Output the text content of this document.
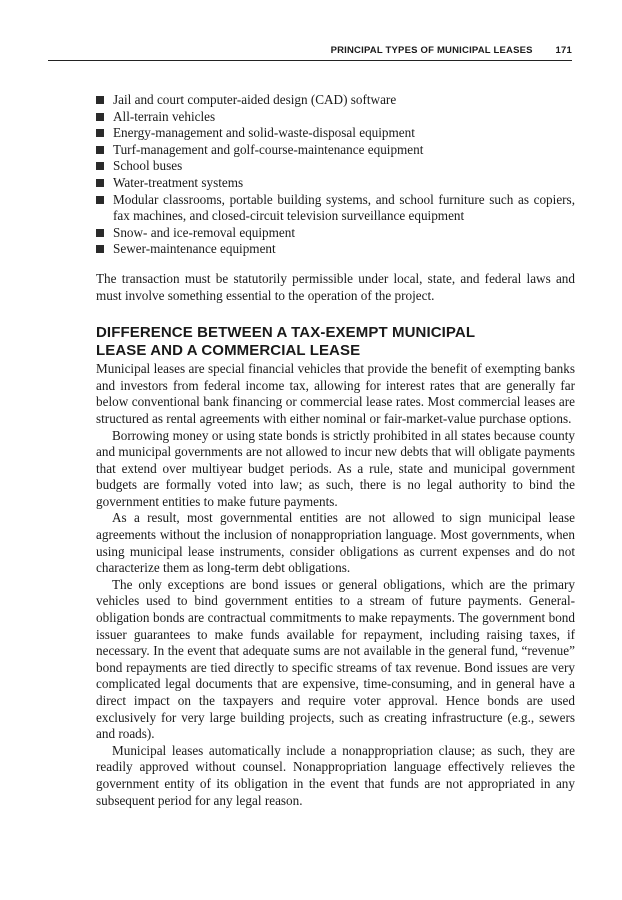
PRINCIPAL TYPES OF MUNICIPAL LEASES 171
Jail and court computer-aided design (CAD) software
All-terrain vehicles
Energy-management and solid-waste-disposal equipment
Turf-management and golf-course-maintenance equipment
School buses
Water-treatment systems
Modular classrooms, portable building systems, and school furniture such as copiers, fax machines, and closed-circuit television surveillance equipment
Snow- and ice-removal equipment
Sewer-maintenance equipment

The transaction must be statutorily permissible under local, state, and federal laws and must involve something essential to the operation of the project.

DIFFERENCE BETWEEN A TAX-EXEMPT MUNICIPAL LEASE AND A COMMERCIAL LEASE

Municipal leases are special financial vehicles that provide the benefit of exempting banks and investors from federal income tax, allowing for interest rates that are generally far below conventional bank financing or commercial lease rates. Most commercial leases are structured as rental agreements with either nominal or fair-market-value purchase options.

Borrowing money or using state bonds is strictly prohibited in all states because county and municipal governments are not allowed to incur new debts that will obligate payments that extend over multiyear budget periods. As a rule, state and municipal government budgets are formally voted into law; as such, there is no legal authority to bind the government entities to make future payments.

As a result, most governmental entities are not allowed to sign municipal lease agreements without the inclusion of nonappropriation language. Most governments, when using municipal lease instruments, consider obligations as current expenses and do not characterize them as long-term debt obligations.

The only exceptions are bond issues or general obligations, which are the primary vehicles used to bind government entities to a stream of future payments. General-obligation bonds are contractual commitments to make repayments. The government bond issuer guarantees to make funds available for repayment, including raising taxes, if necessary. In the event that adequate sums are not available in the general fund, “revenue” bond repayments are tied directly to specific streams of tax revenue. Bond issues are very complicated legal documents that are expensive, time-consuming, and in general have a direct impact on the taxpayers and require voter approval. Hence bonds are used exclusively for very large building projects, such as creating infrastructure (e.g., sewers and roads).

Municipal leases automatically include a nonappropriation clause; as such, they are readily approved without counsel. Nonappropriation language effectively relieves the government entity of its obligation in the event that funds are not appropriated in any subsequent period for any legal reason.
